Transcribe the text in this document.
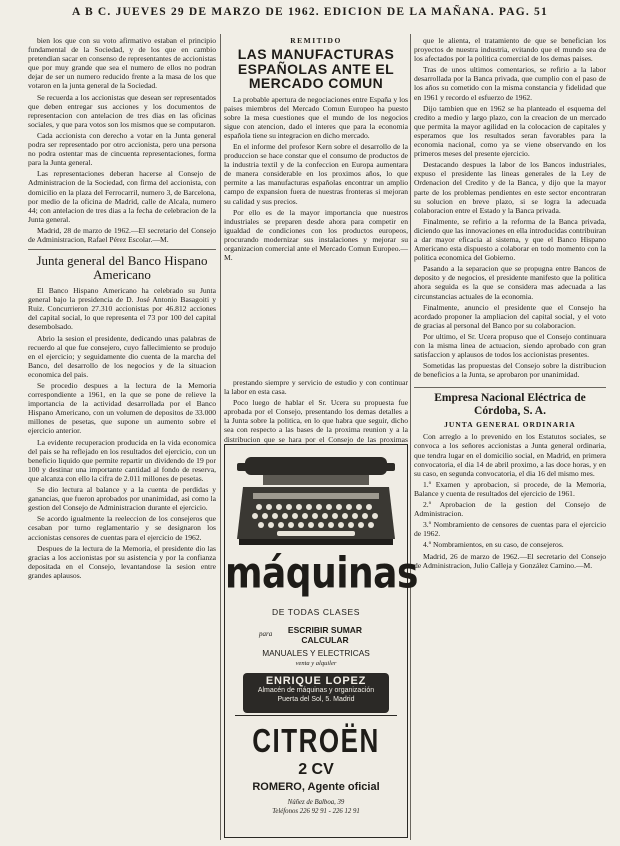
A B C. JUEVES 29 DE MARZO DE 1962. EDICION DE LA MAÑANA. PAG. 51

bien los que con su voto afirmativo estaban el principio fundamental de la Sociedad, y de los que en cambio pretendian sacar en consenso de representantes de accionistas que por muy grande que sea el numero de ellos no podran dejar de ser un numero reducido frente a la masa de los que votaron en la junta general de la Sociedad.

Se recuerda a los accionistas que desean ser representados que deben entregar sus acciones y los documentos de representacion con antelacion de tres dias en las oficinas sociales, y que para votos son los mismos que se computaron.

Cada accionista con derecho a votar en la Junta general podra ser representado por otro accionista, pero una persona no podra ostentar mas de cincuenta representaciones, forma para la Junta general.

Las representaciones deberan hacerse al Consejo de Administracion de la Sociedad, con firma del accionista, con domicilio en la plaza del Ferrocarril, numero 3, de Barcelona, por medio de la oficina de Madrid, calle de Alcala, numero 44; con antelacion de tres dias a la fecha de celebracion de la Junta general.

Madrid, 28 de marzo de 1962.—El secretario del Consejo de Administracion, Rafael Pérez Escolar.—M.

Junta general del Banco Hispano Americano

El Banco Hispano Americano ha celebrado su Junta general bajo la presidencia de D. José Antonio Basagoiti y Ruiz. Concurrieron 27.310 accionistas por 46.812 acciones del capital social, lo que representa el 73 por 100 del capital desembolsado.

Abrio la sesion el presidente, dedicando unas palabras de recuerdo al que fue consejero, cuyo fallecimiento se produjo en el ejercicio; y seguidamente dio cuenta de la marcha del Banco, del desarrollo de los negocios y de la situacion economica del pais.

Se procedio despues a la lectura de la Memoria correspondiente a 1961, en la que se pone de relieve la importancia de la actividad desarrollada por el Banco Hispano Americano, con un volumen de depositos de 33.000 millones de pesetas, que supone un aumento sobre el ejercicio anterior.

La evidente recuperacion producida en la vida economica del pais se ha reflejado en los resultados del ejercicio, con un beneficio liquido que permite repartir un dividendo de 19 por 100 y destinar una importante cantidad al fondo de reserva, que alcanza con ello la cifra de 2.011 millones de pesetas.

Se dio lectura al balance y a la cuenta de perdidas y ganancias, que fueron aprobados por unanimidad, asi como la gestion del Consejo de Administracion durante el ejercicio.

Se acordo igualmente la reeleccion de los consejeros que cesaban por turno reglamentario y se designaron los accionistas censores de cuentas para el ejercicio de 1962.

Despues de la lectura de la Memoria, el presidente dio las gracias a los accionistas por su asistencia y por la confianza depositada en el Consejo, levantandose la sesion entre grandes aplausos.

REMITIDO
LAS MANUFACTURAS ESPAÑOLAS ANTE EL MERCADO COMUN

La probable apertura de negociaciones entre España y los paises miembros del Mercado Comun Europeo ha puesto sobre la mesa cuestiones que el mundo de los negocios sigue con atencion, dado el interes que para la economia española tiene su integracion en dicho mercado.

En el informe del profesor Kern sobre el desarrollo de la produccion se hace constar que el consumo de productos de la industria textil y de la confeccion en Europa aumentara de manera considerable en los proximos años, lo que permite a las manufacturas españolas encontrar un amplio campo de expansion fuera de nuestras fronteras si mejoran su calidad y sus precios.

Por ello es de la mayor importancia que nuestros industriales se preparen desde ahora para competir en igualdad de condiciones con los productos europeos, procurando modernizar sus instalaciones y mejorar su organizacion comercial ante el Mercado Comun Europeo.—M.

prestando siempre y servicio de estudio y con continuar la labor en esta casa.

Poco luego de hablar el Sr. Ucera su propuesta fue aprobada por el Consejo, presentando los demas detalles a la Junta sobre la politica, en lo que habra que seguir, dicho sea con respecto a las bases de la proxima reunion y a la distribucion que se hara por el Consejo de las proximas

máquinas
DE TODAS CLASES
para	ESCRIBIR SUMAR
CALCULAR
MANUALES Y ELECTRICAS
venta y alquiler
ENRIQUE LOPEZ
Almacén de máquinas y organización
Puerta del Sol, 5. Madrid
CITROËN
2 CV
ROMERO, Agente oficial
Núñez de Balboa, 39
Teléfonos 226 92 91 - 226 12 91

que le alienta, el tratamiento de que se benefician los proyectos de nuestra industria, evitando que el mundo sea de los afectados por la politica comercial de los demas paises.

Tras de unos ultimos comentarios, se refirio a la labor desarrollada por la Banca privada, que cumplio con el paso de los años su cometido con la misma constancia y fidelidad que en 1961 y recordo el esfuerzo de 1962.

Dijo tambien que en 1962 se ha planteado el esquema del credito a medio y largo plazo, con la creacion de un mercado que permita la mayor agilidad en la colocacion de capitales y esperamos que los resultados seran favorables para la economia nacional, como ya se viene observando en los primeros meses del presente ejercicio.

Destacando despues la labor de los Bancos industriales, expuso el presidente las lineas generales de la Ley de Ordenacion del Credito y de la Banca, y dijo que la mayor parte de los problemas pendientes en este sector encontraran su solucion en breve plazo, si se logra la adecuada colaboracion entre el Estado y la Banca privada.

Finalmente, se refirio a la reforma de la Banca privada, diciendo que las innovaciones en ella introducidas contribuiran a dar mayor eficacia al sistema, y que el Banco Hispano Americano esta dispuesto a colaborar en todo momento con la politica economica del Gobierno.

Pasando a la separacion que se propugna entre Bancos de deposito y de negocios, el presidente manifesto que la politica ahora seguida es la que se considera mas adecuada a las circunstancias actuales de la economia.

Finalmente, anuncio el presidente que el Consejo ha acordado proponer la ampliacion del capital social, y el voto de gracias al personal del Banco por su colaboracion.

Por ultimo, el Sr. Ucera propuso que el Consejo continuara con la misma linea de actuacion, siendo aprobado con gran satisfaccion y aplausos de todos los accionistas presentes.

Sometidas las propuestas del Consejo sobre la distribucion de beneficios a la Junta, se aprobaron por unanimidad.

Empresa Nacional Eléctrica de Córdoba, S. A.
JUNTA GENERAL ORDINARIA

Con arreglo a lo prevenido en los Estatutos sociales, se convoca a los señores accionistas a Junta general ordinaria, que tendra lugar en el domicilio social, en Madrid, en primera convocatoria, el dia 14 de abril proximo, a las doce horas, y en su caso, en segunda convocatoria, el dia 16 del mismo mes.

1.º Examen y aprobacion, si procede, de la Memoria, Balance y cuenta de resultados del ejercicio de 1961.

2.º Aprobacion de la gestion del Consejo de Administracion.

3.º Nombramiento de censores de cuentas para el ejercicio de 1962.

4.º Nombramientos, en su caso, de consejeros.

Madrid, 26 de marzo de 1962.—El secretario del Consejo de Administracion, Julio Calleja y González Camino.—M.
